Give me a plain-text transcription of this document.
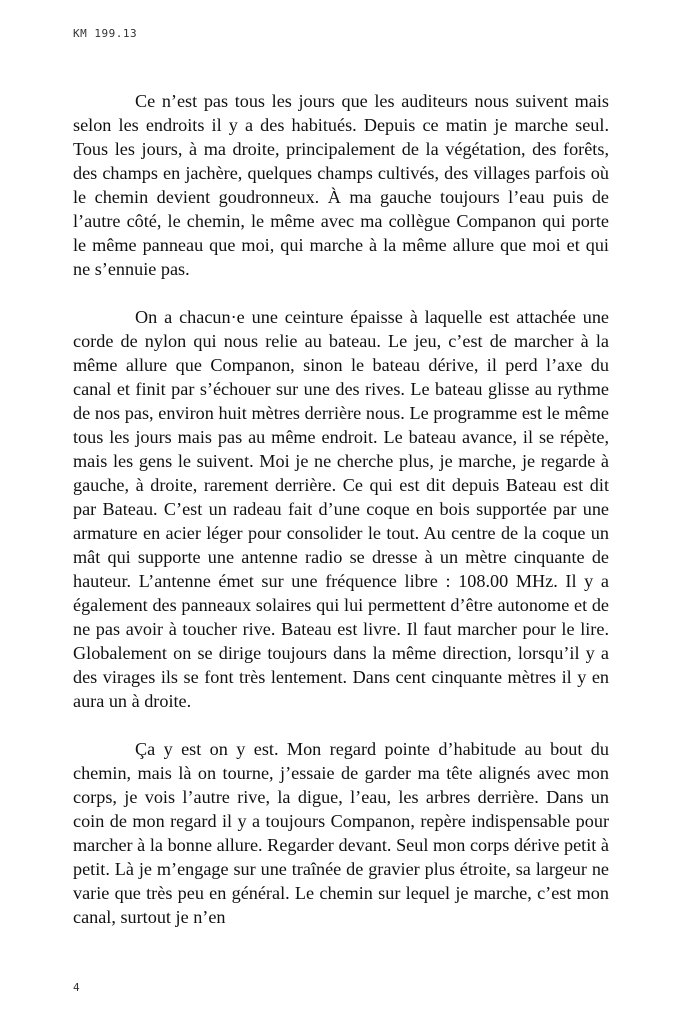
KM 199.13

Ce n’est pas tous les jours que les auditeurs nous suivent mais selon les endroits il y a des habitués. Depuis ce matin je marche seul. Tous les jours, à ma droite, principalement de la végétation, des forêts, des champs en jachère, quelques champs cultivés, des villages parfois où le chemin devient goudronneux. À ma gauche toujours l’eau puis de l’autre côté, le chemin, le même avec ma collègue Companon qui porte le même panneau que moi, qui marche à la même allure que moi et qui ne s’ennuie pas.

On a chacun·e une ceinture épaisse à laquelle est attachée une corde de nylon qui nous relie au bateau. Le jeu, c’est de marcher à la même allure que Companon, sinon le bateau dérive, il perd l’axe du canal et finit par s’échouer sur une des rives. Le bateau glisse au rythme de nos pas, environ huit mètres derrière nous. Le programme est le même tous les jours mais pas au même endroit. Le bateau avance, il se répète, mais les gens le suivent. Moi je ne cherche plus, je marche, je regarde à gauche, à droite, rarement derrière. Ce qui est dit depuis Bateau est dit par Bateau. C’est un radeau fait d’une coque en bois supportée par une armature en acier léger pour consolider le tout. Au centre de la coque un mât qui supporte une antenne radio se dresse à un mètre cinquante de hauteur. L’antenne émet sur une fréquence libre : 108.00 MHz. Il y a également des panneaux solaires qui lui permettent d’être autonome et de ne pas avoir à toucher rive. Bateau est livre. Il faut marcher pour le lire. Globalement on se dirige toujours dans la même direction, lorsqu’il y a des virages ils se font très lentement. Dans cent cinquante mètres il y en aura un à droite.

Ça y est on y est. Mon regard pointe d’habitude au bout du chemin, mais là on tourne, j’essaie de garder ma tête alignés avec mon corps, je vois l’autre rive, la digue, l’eau, les arbres derrière. Dans un coin de mon regard il y a toujours Companon, repère indispensable pour marcher à la bonne allure. Regarder devant. Seul mon corps dérive petit à petit. Là je m’engage sur une traînée de gravier plus étroite, sa largeur ne varie que très peu en général. Le chemin sur lequel je marche, c’est mon canal, surtout je n’en

4
